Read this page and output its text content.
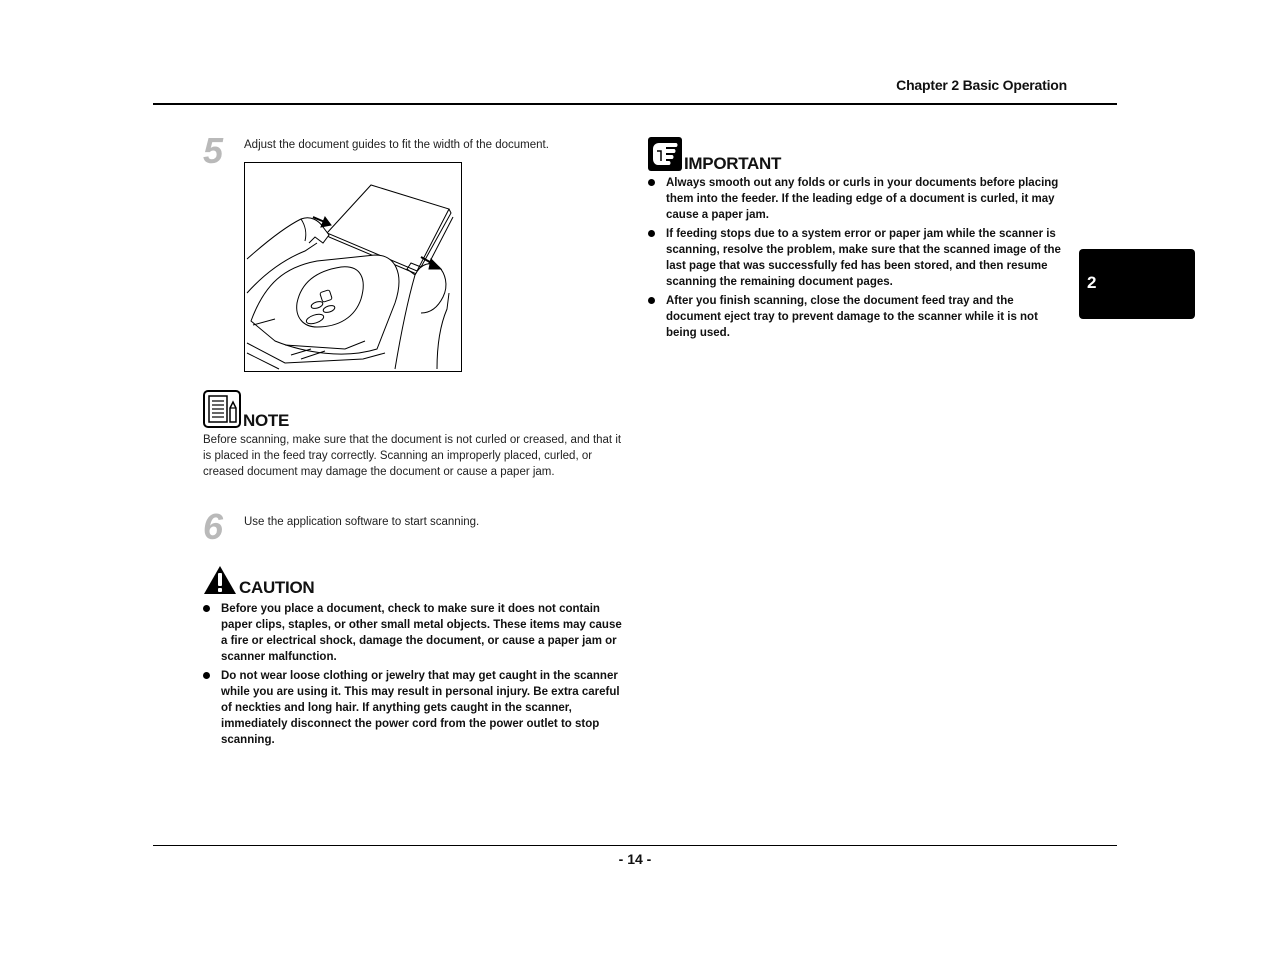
Chapter 2 Basic Operation
2
5 Adjust the document guides to fit the width of the document.
NOTE
Before scanning, make sure that the document is not curled or creased, and that it is placed in the feed tray correctly. Scanning an improperly placed, curled, or creased document may damage the document or cause a paper jam.
6 Use the application software to start scanning.
CAUTION
Before you place a document, check to make sure it does not contain paper clips, staples, or other small metal objects. These items may cause a fire or electrical shock, damage the document, or cause a paper jam or scanner malfunction.
Do not wear loose clothing or jewelry that may get caught in the scanner while you are using it. This may result in personal injury. Be extra careful of neckties and long hair. If anything gets caught in the scanner, immediately disconnect the power cord from the power outlet to stop scanning.
IMPORTANT
Always smooth out any folds or curls in your documents before placing them into the feeder. If the leading edge of a document is curled, it may cause a paper jam.
If feeding stops due to a system error or paper jam while the scanner is scanning, resolve the problem, make sure that the scanned image of the last page that was successfully fed has been stored, and then resume scanning the remaining document pages.
After you finish scanning, close the document feed tray and the document eject tray to prevent damage to the scanner while it is not being used.
- 14 -
